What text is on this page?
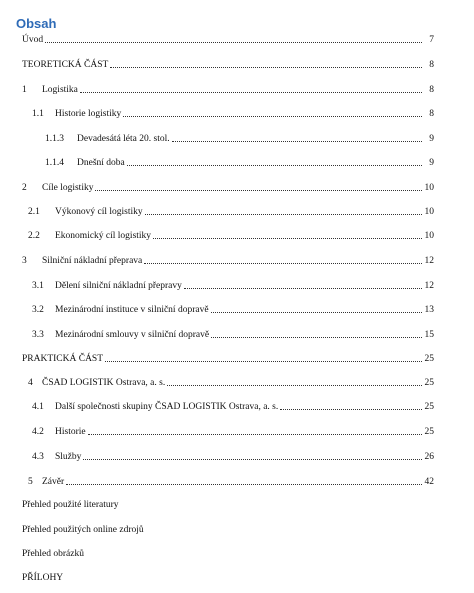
Obsah
Úvod	7
TEORETICKÁ ČÁST	8
1	Logistika	8
1.1	Historie logistiky	8
1.1.3	Devadesátá léta 20. stol.	9
1.1.4	Dnešní doba	9
2	Cíle logistiky	10
2.1	Výkonový cíl logistiky	10
2.2	Ekonomický cíl logistiky	10
3	Silniční nákladní přeprava	12
3.1	Dělení silniční nákladní přepravy	12
3.2	Mezinárodní instituce v silniční dopravě	13
3.3	Mezinárodní smlouvy v silniční dopravě	15
PRAKTICKÁ ČÁST	25
4 ČSAD LOGISTIK Ostrava, a. s.	25
4.1	Další společnosti skupiny ČSAD LOGISTIK Ostrava, a. s.	25
4.2	Historie	25
4.3	Služby	26
5 Závěr	42
Přehled použité literatury
Přehled použitých online zdrojů
Přehled obrázků
PŘÍLOHY
